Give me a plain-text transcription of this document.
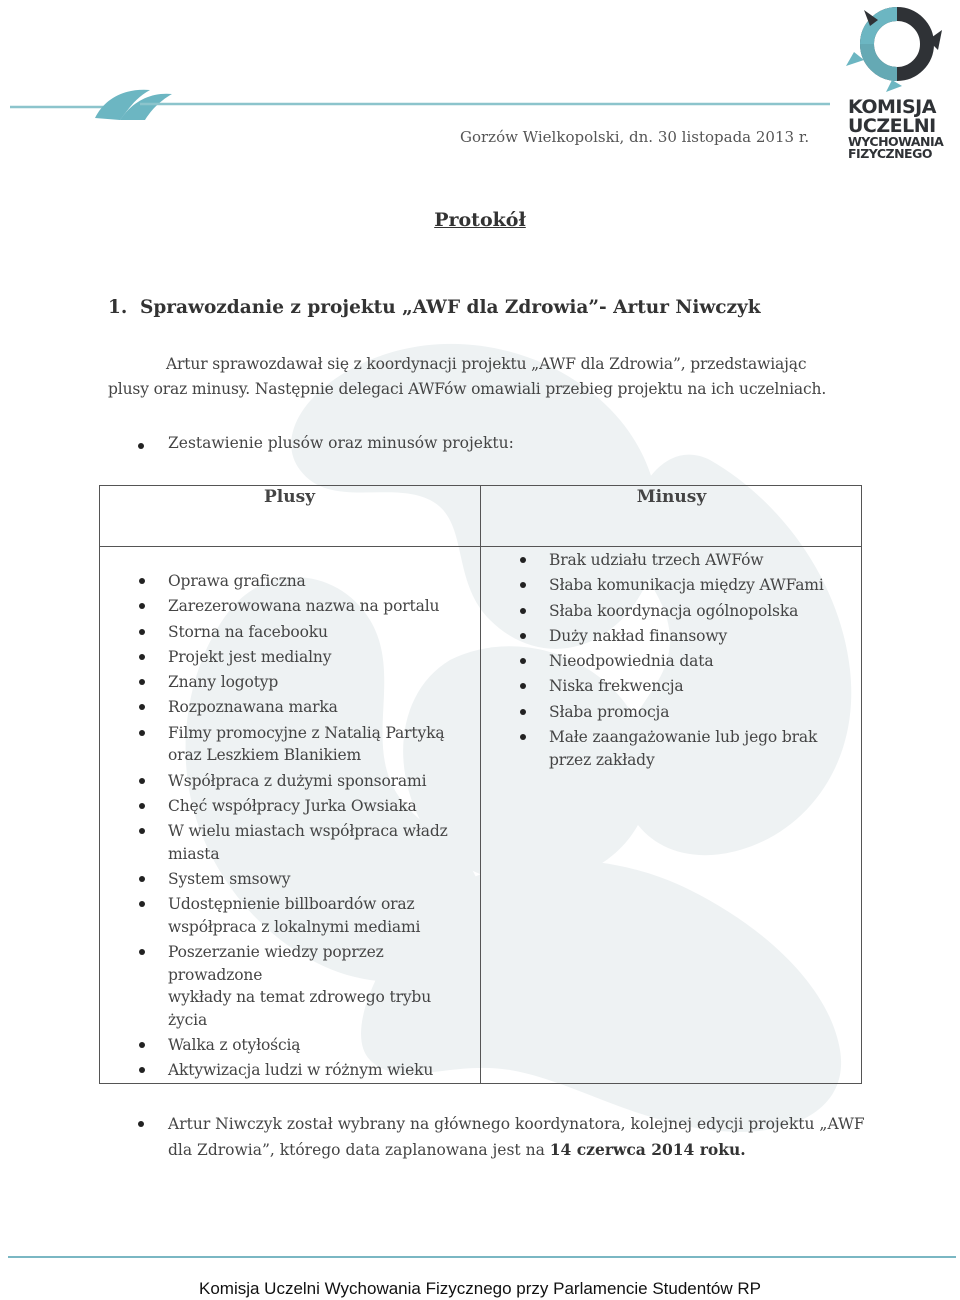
KOMISJA
UCZELNI
WYCHOWANIA
FIZYCZNEGO
Gorzów Wielkopolski, dn. 30 listopada 2013 r.
Protokół
1. Sprawozdanie z projektu „AWF dla Zdrowia”- Artur Niwczyk
Artur sprawozdawał się z koordynacji projektu „AWF dla Zdrowia”, przedstawiając plusy oraz minusy. Następnie delegaci AWFów omawiali przebieg projektu na ich uczelniach.
Zestawienie plusów oraz minusów projektu:
Plusy	Minusy
Oprawa graficzna
Zarezerowowana nazwa na portalu
Storna na facebooku
Projekt jest medialny
Znany logotyp
Rozpoznawana marka
Filmy promocyjne z Natalią Partyką oraz Leszkiem Blanikiem
Współpraca z dużymi sponsorami
Chęć współpracy Jurka Owsiaka
W wielu miastach współpraca władz miasta
System smsowy
Udostępnienie billboardów oraz współpraca z lokalnymi mediami
Poszerzanie wiedzy poprzez prowadzone
wykłady na temat zdrowego trybu życia
Walka z otyłością
Aktywizacja ludzi w różnym wieku
Brak udziału trzech AWFów
Słaba komunikacja między AWFami
Słaba koordynacja ogólnopolska
Duży nakład finansowy
Nieodpowiednia data
Niska frekwencja
Słaba promocja
Małe zaangażowanie lub jego brak przez zakłady
Artur Niwczyk został wybrany na głównego koordynatora, kolejnej edycji projektu „AWF dla Zdrowia”, którego data zaplanowana jest na 14 czerwca 2014 roku.
Komisja Uczelni Wychowania Fizycznego przy Parlamencie Studentów RP
